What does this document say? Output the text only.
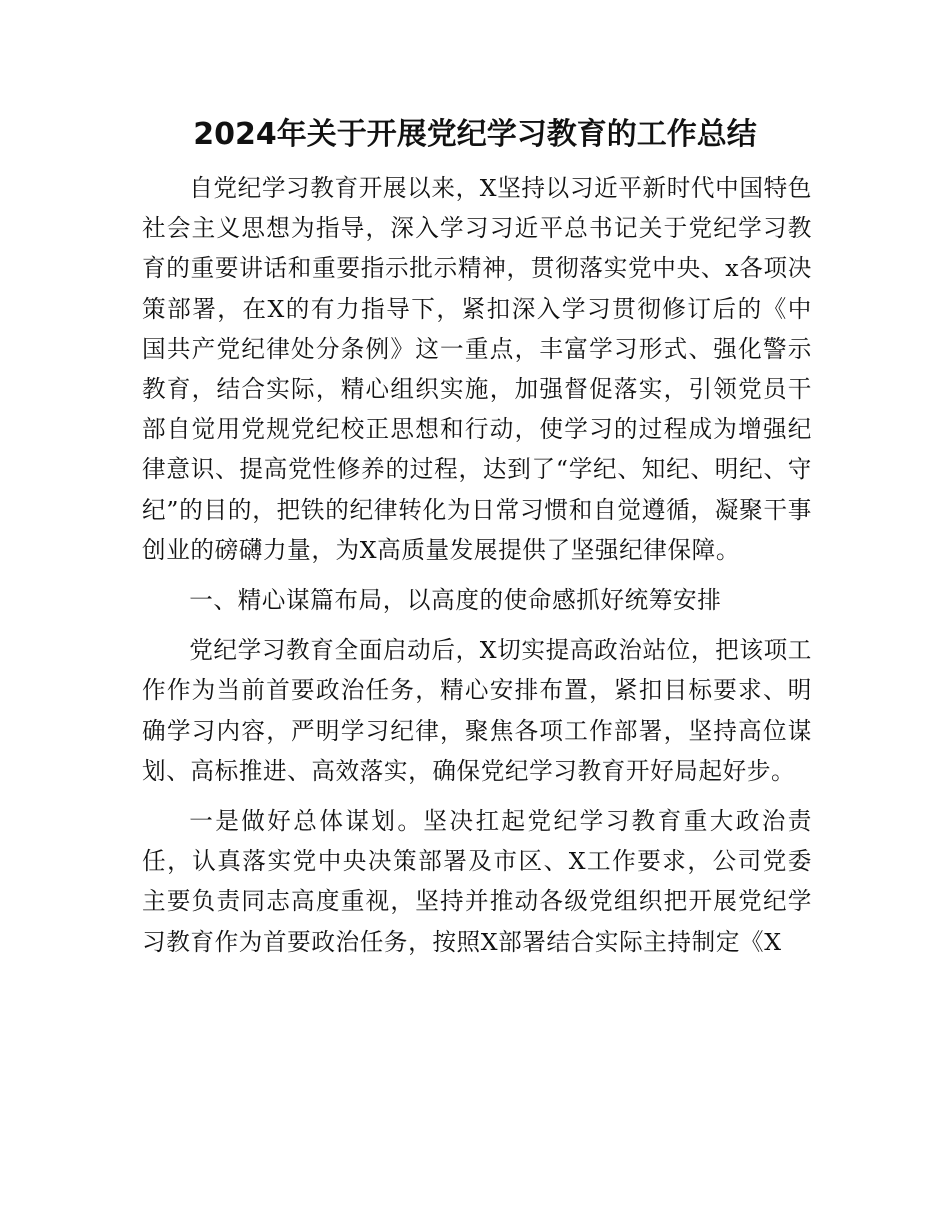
2024年关于开展党纪学习教育的工作总结

自党纪学习教育开展以来，X坚持以习近平新时代中国特色社会主义思想为指导，深入学习习近平总书记关于党纪学习教育的重要讲话和重要指示批示精神，贯彻落实党中央、x各项决策部署，在X的有力指导下，紧扣深入学习贯彻修订后的《中国共产党纪律处分条例》这一重点，丰富学习形式、强化警示教育，结合实际，精心组织实施，加强督促落实，引领党员干部自觉用党规党纪校正思想和行动，使学习的过程成为增强纪律意识、提高党性修养的过程，达到了“学纪、知纪、明纪、守纪”的目的，把铁的纪律转化为日常习惯和自觉遵循，凝聚干事创业的磅礴力量，为X高质量发展提供了坚强纪律保障。

一、精心谋篇布局，以高度的使命感抓好统筹安排

党纪学习教育全面启动后，X切实提高政治站位，把该项工作作为当前首要政治任务，精心安排布置，紧扣目标要求、明确学习内容，严明学习纪律，聚焦各项工作部署，坚持高位谋划、高标推进、高效落实，确保党纪学习教育开好局起好步。

一是做好总体谋划。坚决扛起党纪学习教育重大政治责任，认真落实党中央决策部署及市区、X工作要求，公司党委主要负责同志高度重视，坚持并推动各级党组织把开展党纪学习教育作为首要政治任务，按照X部署结合实际主持制定《X
